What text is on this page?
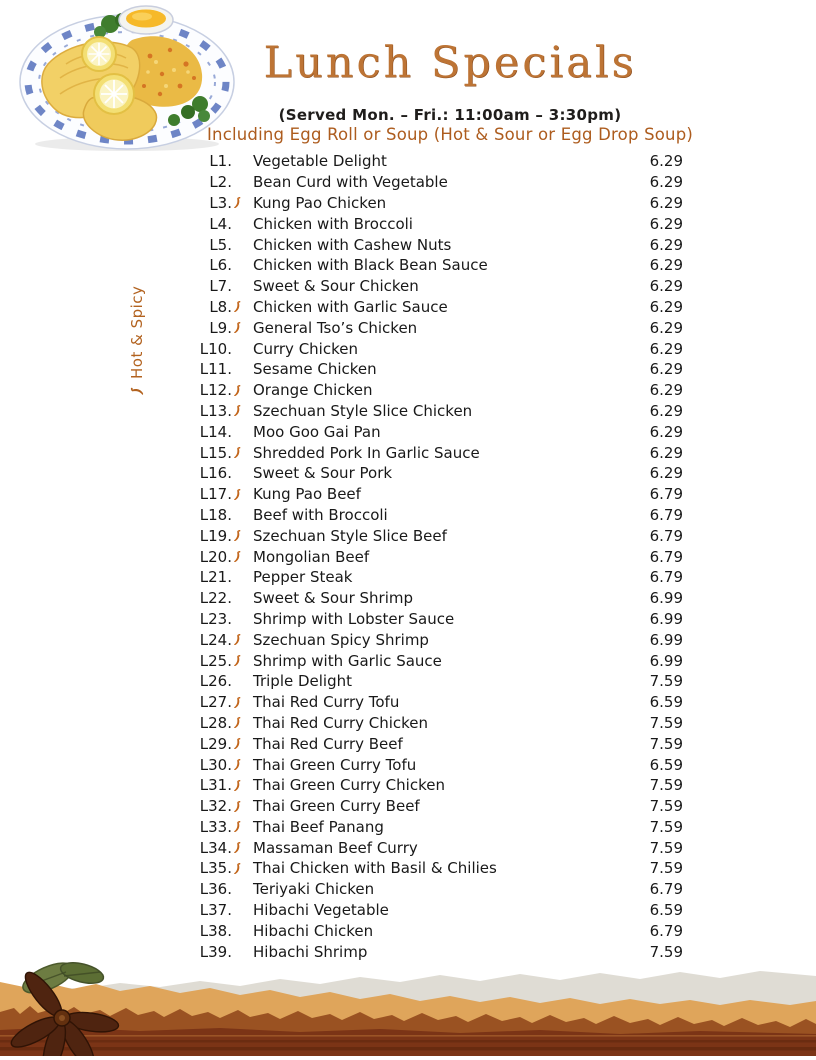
Lunch Specials
(Served Mon. – Fri.: 11:00am – 3:30pm)
Including Egg Roll or Soup (Hot & Sour or Egg Drop Soup)
Hot & Spicy
L1. Vegetable Delight	6.29
L2. Bean Curd with Vegetable	6.29
L3. Kung Pao Chicken	6.29
L4. Chicken with Broccoli	6.29
L5. Chicken with Cashew Nuts	6.29
L6. Chicken with Black Bean Sauce	6.29
L7. Sweet & Sour Chicken	6.29
L8. Chicken with Garlic Sauce	6.29
L9. General Tso’s Chicken	6.29
L10. Curry Chicken	6.29
L11. Sesame Chicken	6.29
L12. Orange Chicken	6.29
L13. Szechuan Style Slice Chicken	6.29
L14. Moo Goo Gai Pan	6.29
L15. Shredded Pork In Garlic Sauce	6.29
L16. Sweet & Sour Pork	6.29
L17. Kung Pao Beef	6.79
L18. Beef with Broccoli	6.79
L19. Szechuan Style Slice Beef	6.79
L20. Mongolian Beef	6.79
L21. Pepper Steak	6.79
L22. Sweet & Sour Shrimp	6.99
L23. Shrimp with Lobster Sauce	6.99
L24. Szechuan Spicy Shrimp	6.99
L25. Shrimp with Garlic Sauce	6.99
L26. Triple Delight	7.59
L27. Thai Red Curry Tofu	6.59
L28. Thai Red Curry Chicken	7.59
L29. Thai Red Curry Beef	7.59
L30. Thai Green Curry Tofu	6.59
L31. Thai Green Curry Chicken	7.59
L32. Thai Green Curry Beef	7.59
L33. Thai Beef Panang	7.59
L34. Massaman Beef Curry	7.59
L35. Thai Chicken with Basil & Chilies	7.59
L36. Teriyaki Chicken	6.79
L37. Hibachi Vegetable	6.59
L38. Hibachi Chicken	6.79
L39. Hibachi Shrimp	7.59
